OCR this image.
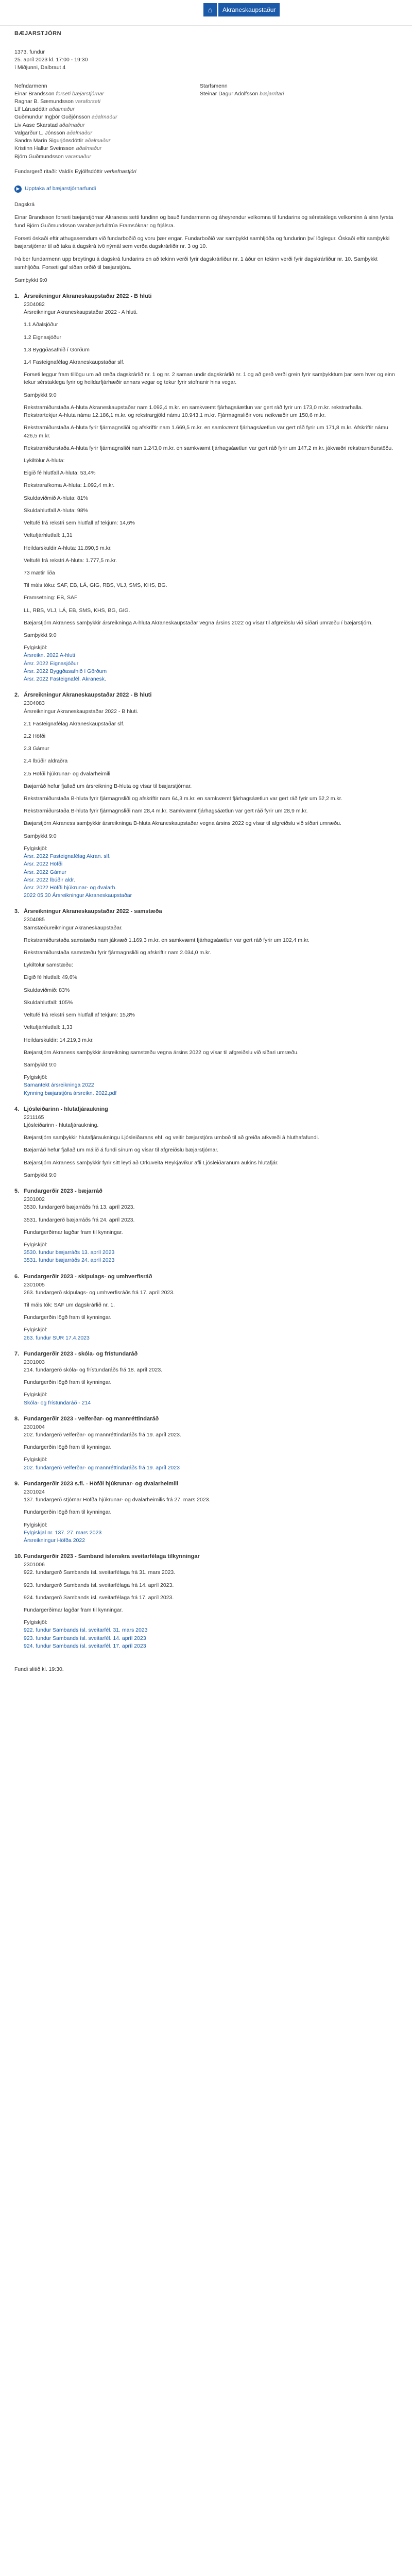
⌂	Akraneskaupstaður
BÆJARSTJÓRN

1373. fundur

25. apríl 2023 kl. 17:00 - 19:30

í Miðjunni, Dalbraut 4

Nefndarmenn

Einar Brandsson forseti bæjarstjórnar

Ragnar B. Sæmundsson varaforseti

Líf Lárusdóttir aðalmaður

Guðmundur Ingþór Guðjónsson aðalmaður

Liv Aase Skarstad aðalmaður

Valgarður L. Jónsson aðalmaður

Sandra Marín Sigurjónsdóttir aðalmaður

Kristinn Hallur Sveinsson aðalmaður

Björn Guðmundsson varamaður

Starfsmenn

Steinar Dagur Adolfsson bæjarritari

Fundargerð ritaði: Valdís Eyjólfsdóttir verkefnastjóri
▶ Upptaka af bæjarstjórnarfundi

Dagskrá

Einar Brandsson forseti bæjarstjórnar Akraness setti fundinn og bauð fundarmenn og áheyrendur velkomna til fundarins og sérstaklega velkominn á sinn fyrsta fund Björn Guðmundsson varabæjarfulltrúa Framsóknar og frjálsra.

Forseti óskaði eftir athugasemdum við fundarboðið og voru þær engar. Fundarboðið var samþykkt samhljóða og fundurinn því löglegur. Óskaði eftir samþykki bæjarstjórnar til að taka á dagskrá tvö nýmál sem verða dagskrárliðir nr. 3 og 10.

Þá ber fundarmenn upp breytingu á dagskrá fundarins en að tekinn verði fyrir dagskrárliður nr. 1 áður en tekinn verði fyrir dagskrárliður nr. 10. Samþykkt samhljóða. Forseti gaf síðan orðið til bæjarstjóra.

Samþykkt 9:0

1. Ársreikningur Akraneskaupstaðar 2022 - B hluti

2304082

Ársreikningur Akraneskaupstaðar 2022 - A hluti.

1.1 Aðalsjóður

1.2 Eignasjóður

1.3 Byggðasafnið í Görðum

1.4 Fasteignafélag Akraneskaupstaðar slf.

Forseti leggur fram tillögu um að ræða dagskrárlið nr. 1 og nr. 2 saman undir dagskrárlið nr. 1 og að gerð verði grein fyrir samþykktum þar sem hver og einn tekur sérstaklega fyrir og heildarfjárhæðir annars vegar og tekur fyrir stofnanir hins vegar.

Samþykkt 9:0

Rekstrarniðurstaða A-hluta Akraneskaupstaðar nam 1.092,4 m.kr. en samkvæmt fjárhagsáætlun var gert ráð fyrir um 173,0 m.kr. rekstrarhalla. Rekstrartekjur A-hluta námu 12.186,1 m.kr. og rekstrargjöld námu 10.943,1 m.kr. Fjármagnsliðir voru neikvæðir um 150,6 m.kr.

Rekstrarniðurstaða A-hluta fyrir fjármagnsliði og afskriftir nam 1.669,5 m.kr. en samkvæmt fjárhagsáætlun var gert ráð fyrir um 171,8 m.kr. Afskriftir námu 426,5 m.kr.

Rekstrarniðurstaða A-hluta fyrir fjármagnsliði nam 1.243,0 m.kr. en samkvæmt fjárhagsáætlun var gert ráð fyrir um 147,2 m.kr. jákvæðri rekstrarniðurstöðu.

Lykiltölur A-hluta:

Eigið fé hlutfall A-hluta: 53,4%

Rekstrarafkoma A-hluta: 1.092,4 m.kr.

Skuldaviðmið A-hluta: 81%

Skuldahlutfall A-hluta: 98%

Veltufé frá rekstri sem hlutfall af tekjum: 14,6%

Veltufjárhlutfall: 1,31

Heildarskuldir A-hluta: 11.890,5 m.kr.

Veltufé frá rekstri A-hluta: 1.777,5 m.kr.

73 mætir liða

Til máls tóku: SAF, EB, LÁ, GIG, RBS, VLJ, SMS, KHS, BG.

Framsetning: EB, SAF

LL, RBS, VLJ, LÁ, EB, SMS, KHS, BG, GIG.

Bæjarstjórn Akraness samþykkir ársreikninga A-hluta Akraneskaupstaðar vegna ársins 2022 og vísar til afgreiðslu við síðari umræðu í bæjarstjórn.

Samþykkt 9:0

Fylgiskjöl:

Ársreikn. 2022 A-hluti
Ársr. 2022 Eignasjóður
Ársr. 2022 Byggðasafnið í Görðum
Ársr. 2022 Fasteignafél. Akranesk.
2. Ársreikningur Akraneskaupstaðar 2022 - B hluti

2304083

Ársreikningur Akraneskaupstaðar 2022 - B hluti.

2.1 Fasteignafélag Akraneskaupstaðar slf.

2.2 Höfði

2.3 Gámur

2.4 Íbúðir aldraðra

2.5 Höfði hjúkrunar- og dvalarheimili

Bæjarráð hefur fjallað um ársreikning B-hluta og vísar til bæjarstjórnar.

Rekstrarniðurstaða B-hluta fyrir fjármagnsliði og afskriftir nam 64,3 m.kr. en samkvæmt fjárhagsáætlun var gert ráð fyrir um 52,2 m.kr.

Rekstrarniðurstaða B-hluta fyrir fjármagnsliði nam 28,4 m.kr. Samkvæmt fjárhagsáætlun var gert ráð fyrir um 28,9 m.kr.

Bæjarstjórn Akraness samþykkir ársreikninga B-hluta Akraneskaupstaðar vegna ársins 2022 og vísar til afgreiðslu við síðari umræðu.

Samþykkt 9:0

Fylgiskjöl:

Ársr. 2022 Fasteignafélag Akran. slf.
Ársr. 2022 Höfði
Ársr. 2022 Gámur
Ársr. 2022 Íbúðir aldr.
Ársr. 2022 Höfði hjúkrunar- og dvalarh.
2022 05.30 Ársreikningur Akraneskaupstaðar
3. Ársreikningur Akraneskaupstaðar 2022 - samstæða

2304085

Samstæðureikningur Akraneskaupstaðar.

Rekstrarniðurstaða samstæðu nam jákvæð 1.169,3 m.kr. en samkvæmt fjárhagsáætlun var gert ráð fyrir um 102,4 m.kr.

Rekstrarniðurstaða samstæðu fyrir fjármagnsliði og afskriftir nam 2.034,0 m.kr.

Lykiltölur samstæðu:

Eigið fé hlutfall: 49,6%

Skuldaviðmið: 83%

Skuldahlutfall: 105%

Veltufé frá rekstri sem hlutfall af tekjum: 15,8%

Veltufjárhlutfall: 1,33

Heildarskuldir: 14.219,3 m.kr.

Bæjarstjórn Akraness samþykkir ársreikning samstæðu vegna ársins 2022 og vísar til afgreiðslu við síðari umræðu.

Samþykkt 9:0

Fylgiskjöl:

Samantekt ársreikninga 2022
Kynning bæjarstjóra ársreikn. 2022.pdf
4. Ljósleiðarinn - hlutafjáraukning

2211165

Ljósleiðarinn - hlutafjáraukning.

Bæjarstjórn samþykkir hlutafjáraukningu Ljósleiðarans ehf. og veitir bæjarstjóra umboð til að greiða atkvæði á hluthafafundi.

Bæjarráð hefur fjallað um málið á fundi sínum og vísar til afgreiðslu bæjarstjórnar.

Bæjarstjórn Akraness samþykkir fyrir sitt leyti að Orkuveita Reykjavíkur afli Ljósleiðaranum aukins hlutafjár.

Samþykkt 9:0

5. Fundargerðir 2023 - bæjarráð

2301002

3530. fundargerð bæjarráðs frá 13. apríl 2023.

3531. fundargerð bæjarráðs frá 24. apríl 2023.

Fundargerðirnar lagðar fram til kynningar.

Fylgiskjöl:

3530. fundur bæjarráðs 13. apríl 2023
3531. fundur bæjarráðs 24. apríl 2023
6. Fundargerðir 2023 - skipulags- og umhverfisráð

2301005

263. fundargerð skipulags- og umhverfisráðs frá 17. apríl 2023.

Til máls tók: SAF um dagskrárlið nr. 1.

Fundargerðin lögð fram til kynningar.

Fylgiskjöl:

263. fundur SUR 17.4.2023
7. Fundargerðir 2023 - skóla- og frístundaráð

2301003

214. fundargerð skóla- og frístundaráðs frá 18. apríl 2023.

Fundargerðin lögð fram til kynningar.

Fylgiskjöl:

Skóla- og frístundaráð - 214
8. Fundargerðir 2023 - velferðar- og mannréttindaráð

2301004

202. fundargerð velferðar- og mannréttindaráðs frá 19. apríl 2023.

Fundargerðin lögð fram til kynningar.

Fylgiskjöl:

202. fundargerð velferðar- og mannréttindaráðs frá 19. apríl 2023
9. Fundargerðir 2023 s.fl. - Höfði hjúkrunar- og dvalarheimili

2301024

137. fundargerð stjórnar Höfða hjúkrunar- og dvalarheimilis frá 27. mars 2023.

Fundargerðin lögð fram til kynningar.

Fylgiskjöl:

Fylgiskjal nr. 137. 27. mars 2023
Ársreikningur Höfða 2022
10. Fundargerðir 2023 - Samband íslenskra sveitarfélaga tilkynningar

2301006

922. fundargerð Sambands ísl. sveitarfélaga frá 31. mars 2023.

923. fundargerð Sambands ísl. sveitarfélaga frá 14. apríl 2023.

924. fundargerð Sambands ísl. sveitarfélaga frá 17. apríl 2023.

Fundargerðirnar lagðar fram til kynningar.

Fylgiskjöl:

922. fundur Sambands ísl. sveitarfél. 31. mars 2023
923. fundur Sambands ísl. sveitarfél. 14. apríl 2023
924. fundur Sambands ísl. sveitarfél. 17. apríl 2023
Fundi slitið kl. 19:30.
